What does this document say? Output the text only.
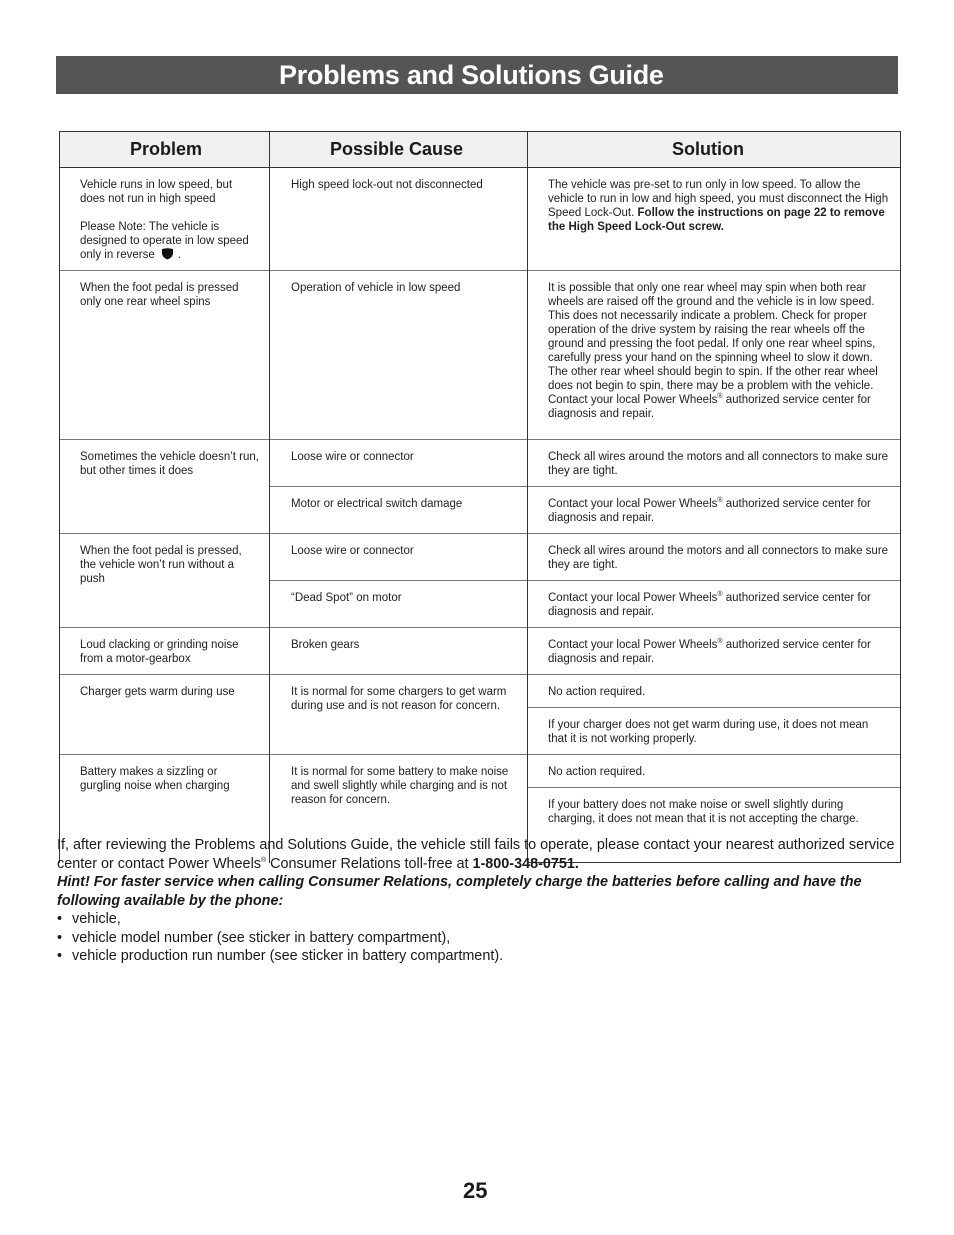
Problems and Solutions Guide
Problem	Possible Cause	Solution

Vehicle runs in low speed, but does not run in high speed

Please Note: The vehicle is designed to operate in low speed only in reverse .	High speed lock-out not disconnected	The vehicle was pre-set to run only in low speed. To allow the vehicle to run in low and high speed, you must disconnect the High Speed Lock-Out. Follow the instructions on page 22 to remove the High Speed Lock-Out screw.
When the foot pedal is pressed only one rear wheel spins	Operation of vehicle in low speed	It is possible that only one rear wheel may spin when both rear wheels are raised off the ground and the vehicle is in low speed. This does not necessarily indicate a problem. Check for proper operation of the drive system by raising the rear wheels off the ground and pressing the foot pedal. If only one rear wheel spins, carefully press your hand on the spinning wheel to slow it down. The other rear wheel should begin to spin. If the other rear wheel does not begin to spin, there may be a problem with the vehicle. Contact your local Power Wheels® authorized service center for diagnosis and repair.
Sometimes the vehicle doesn’t run, but other times it does	Loose wire or connector	Check all wires around the motors and all connectors to make sure they are tight.
	Motor or electrical switch damage	Contact your local Power Wheels® authorized service center for diagnosis and repair.
When the foot pedal is pressed, the vehicle won’t run without a push	Loose wire or connector	Check all wires around the motors and all connectors to make sure they are tight.
	“Dead Spot” on motor	Contact your local Power Wheels® authorized service center for diagnosis and repair.
Loud clacking or grinding noise from a motor-gearbox	Broken gears	Contact your local Power Wheels® authorized service center for diagnosis and repair.
Charger gets warm during use	It is normal for some chargers to get warm during use and is not reason for concern.	No action required.
		If your charger does not get warm during use, it does not mean that it is not working properly.
Battery makes a sizzling or gurgling noise when charging	It is normal for some battery to make noise and swell slightly while charging and is not reason for concern.	No action required.
		If your battery does not make noise or swell slightly during charging, it does not mean that it is not accepting the charge.

If, after reviewing the Problems and Solutions Guide, the vehicle still fails to operate, please contact your nearest authorized service center or contact Power Wheels® Consumer Relations toll-free at 1-800-348-0751.

Hint! For faster service when calling Consumer Relations, completely charge the batteries before calling and have the following available by the phone:

• vehicle,
• vehicle model number (see sticker in battery compartment),
• vehicle production run number (see sticker in battery compartment).
25
